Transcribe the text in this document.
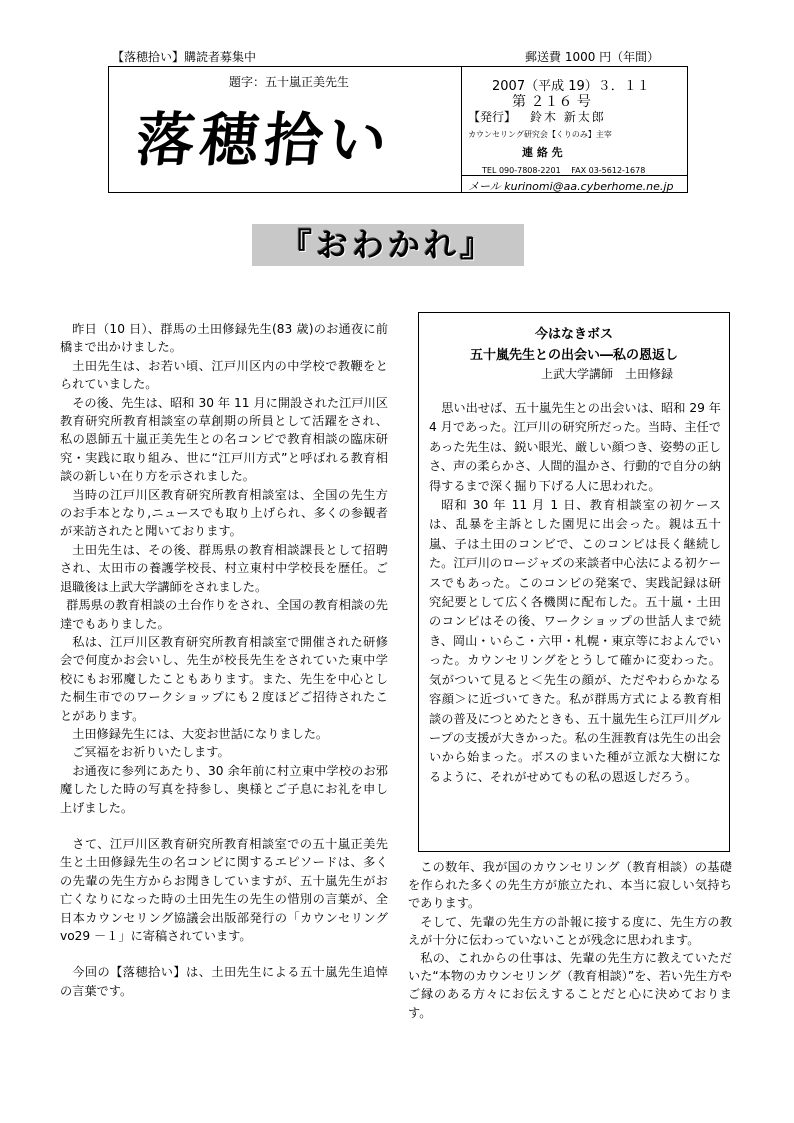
【落穂拾い】購読者募集中	郵送費 1000 円（年間）
題字：五十嵐正美先生
落穂拾い
2007（平成 19）３．１１
第 ２１６ 号
【発行】 鈴木 新太郎
カウンセリング研究会【くりのみ】主宰
連 絡 先
TEL 090-7808-2201　 FAX 03-5612-1678
メール kurinomi@aa.cyberhome.ne.jp
『おわかれ』

昨日（10 日）、群馬の土田修録先生(83 歳)のお通夜に前橋まで出かけました。

土田先生は、お若い頃、江戸川区内の中学校で教鞭をとられていました。

その後、先生は、昭和 30 年 11 月に開設された江戸川区教育研究所教育相談室の草創期の所員として活躍をされ、私の恩師五十嵐正美先生との名コンビで教育相談の臨床研究・実践に取り組み、世に“江戸川方式”と呼ばれる教育相談の新しい在り方を示されました。

当時の江戸川区教育研究所教育相談室は、全国の先生方のお手本となり,ニュースでも取り上げられ、多くの参観者が来訪されたと聞いております。

土田先生は、その後、群馬県の教育相談課長として招聘され、太田市の養護学校長、村立東村中学校長を歴任。ご退職後は上武大学講師をされました。

群馬県の教育相談の土台作りをされ、全国の教育相談の先達でもありました。

私は、江戸川区教育研究所教育相談室で開催された研修会で何度かお会いし、先生が校長先生をされていた東中学校にもお邪魔したこともあります。また、先生を中心とした桐生市でのワークショップにも２度ほどご招待されたことがあります。

土田修録先生には、大変お世話になりました。

ご冥福をお祈りいたします。

お通夜に参列にあたり、30 余年前に村立東中学校のお邪魔したした時の写真を持参し、奥様とご子息にお礼を申し上げました。

さて、江戸川区教育研究所教育相談室での五十嵐正美先生と土田修録先生の名コンビに関するエピソードは、多くの先輩の先生方からお聞きしていますが、五十嵐先生がお亡くなりになった時の土田先生の先生の惜別の言葉が、全日本カウンセリング協議会出版部発行の「カウンセリング vo29 －１」に寄稿されています。

今回の【落穂拾い】は、土田先生による五十嵐先生追悼の言葉です。

今はなきボス
五十嵐先生との出会い―私の恩返し
上武大学講師　土田修録

思い出せば、五十嵐先生との出会いは、昭和 29 年 4 月であった。江戸川の研究所だった。当時、主任であった先生は、鋭い眼光、厳しい顔つき、姿勢の正しさ、声の柔らかさ、人間的温かさ、行動的で自分の納得するまで深く掘り下げる人に思われた。

昭和 30 年 11 月 1 日、教育相談室の初ケースは、乱暴を主訴とした園児に出会った。親は五十嵐、子は土田のコンビで、このコンビは長く継続した。江戸川のロージャズの来談者中心法による初ケースでもあった。このコンビの発案で、実践記録は研究紀要として広く各機関に配布した。五十嵐・土田のコンビはその後、ワークショップの世話人まで続き、岡山・いらこ・六甲・札幌・東京等におよんでいった。カウンセリングをとうして確かに変わった。気がついて見ると＜先生の顔が、ただやわらかなる容顔＞に近づいてきた。私が群馬方式による教育相談の普及につとめたときも、五十嵐先生ら江戸川グループの支援が大きかった。私の生涯教育は先生の出会いから始まった。ボスのまいた種が立派な大樹になるように、それがせめてもの私の恩返しだろう。

この数年、我が国のカウンセリング（教育相談）の基礎を作られた多くの先生方が旅立たれ、本当に寂しい気持ちであります。

そして、先輩の先生方の訃報に接する度に、先生方の教えが十分に伝わっていないことが残念に思われます。

私の、これからの仕事は、先輩の先生方に教えていただいた“本物のカウンセリング（教育相談）”を、若い先生方やご縁のある方々にお伝えすることだと心に決めております。
